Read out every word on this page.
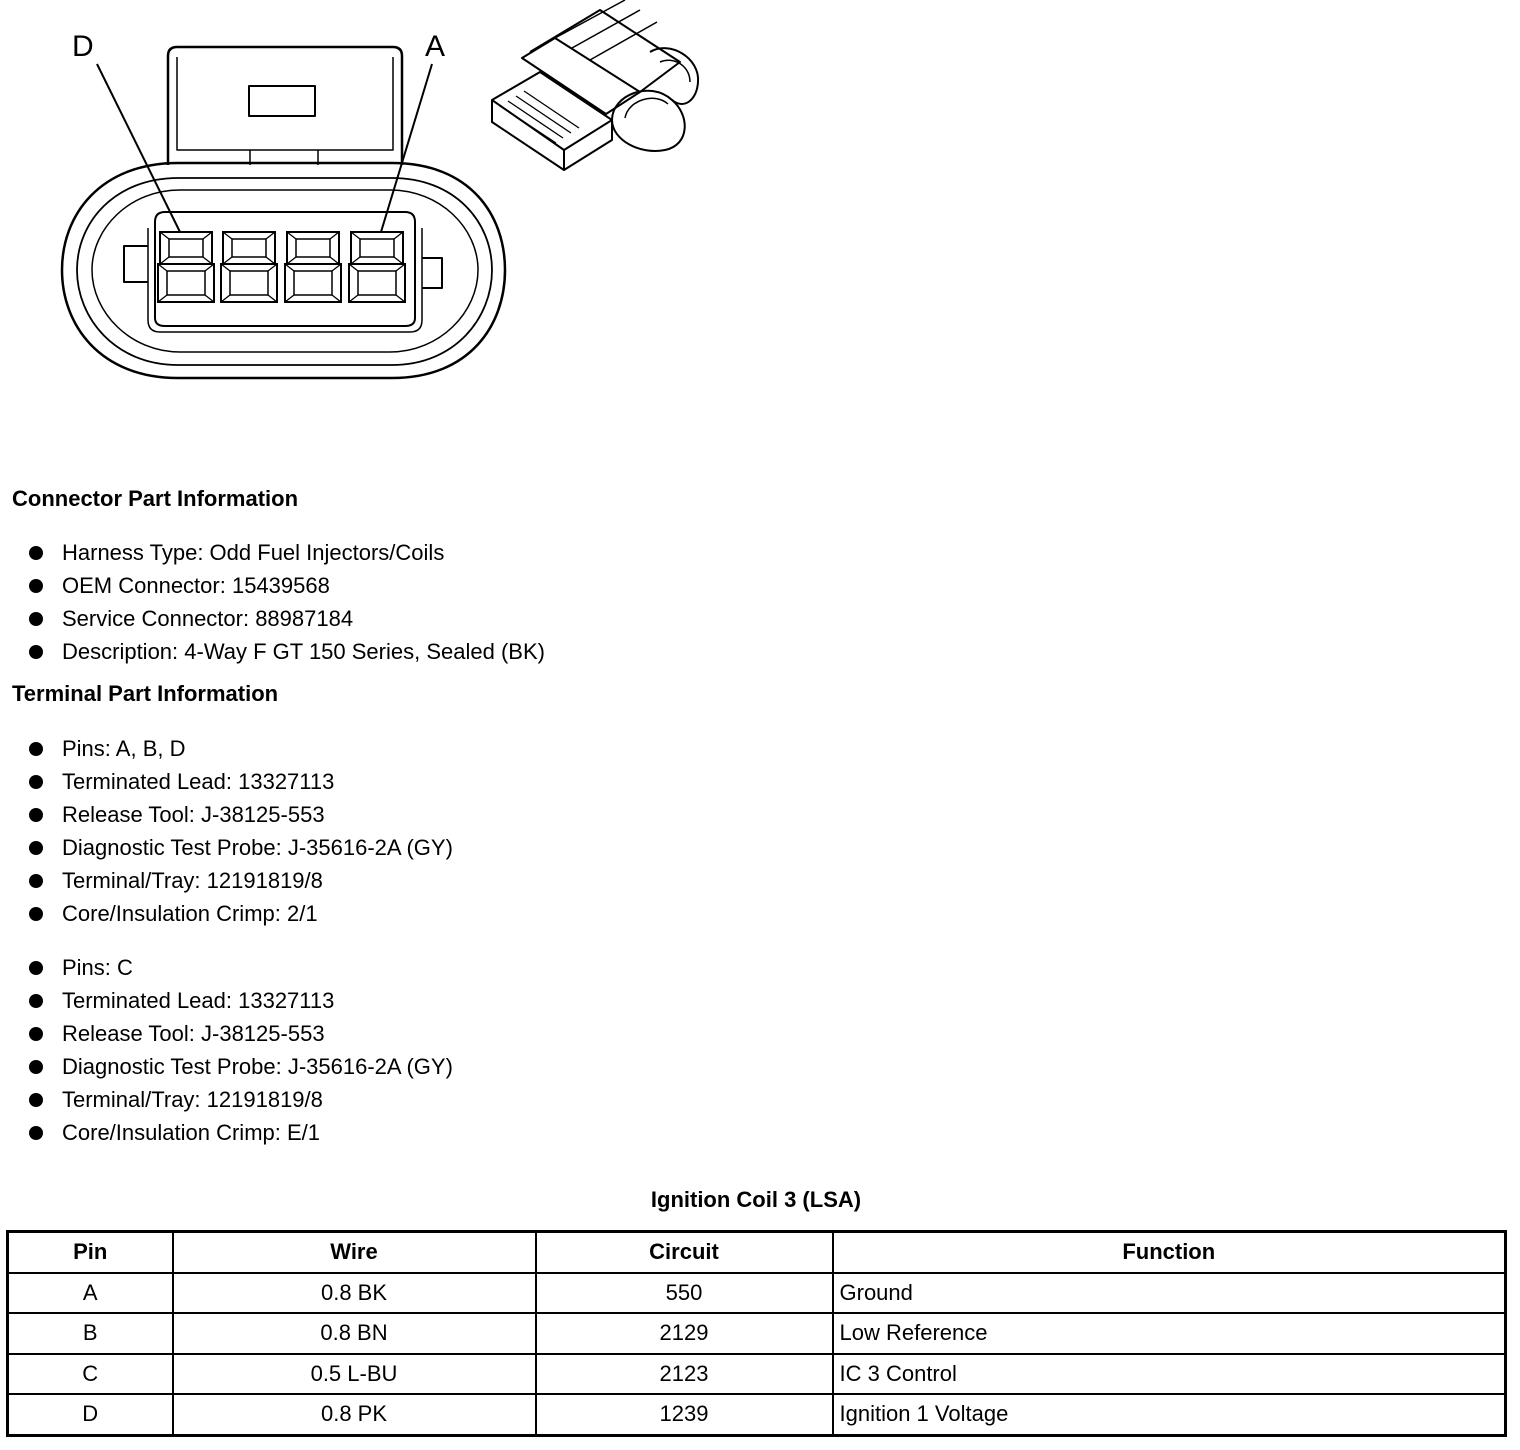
D	A
Connector Part Information
Harness Type: Odd Fuel Injectors/Coils
OEM Connector: 15439568
Service Connector: 88987184
Description: 4-Way F GT 150 Series, Sealed (BK)
Terminal Part Information
Pins: A, B, D
Terminated Lead: 13327113
Release Tool: J-38125-553
Diagnostic Test Probe: J-35616-2A (GY)
Terminal/Tray: 12191819/8
Core/Insulation Crimp: 2/1
Pins: C
Terminated Lead: 13327113
Release Tool: J-38125-553
Diagnostic Test Probe: J-35616-2A (GY)
Terminal/Tray: 12191819/8
Core/Insulation Crimp: E/1
Ignition Coil 3 (LSA)
Pin	Wire	Circuit	Function
A	0.8 BK	550	Ground
B	0.8 BN	2129	Low Reference
C	0.5 L-BU	2123	IC 3 Control
D	0.8 PK	1239	Ignition 1 Voltage
